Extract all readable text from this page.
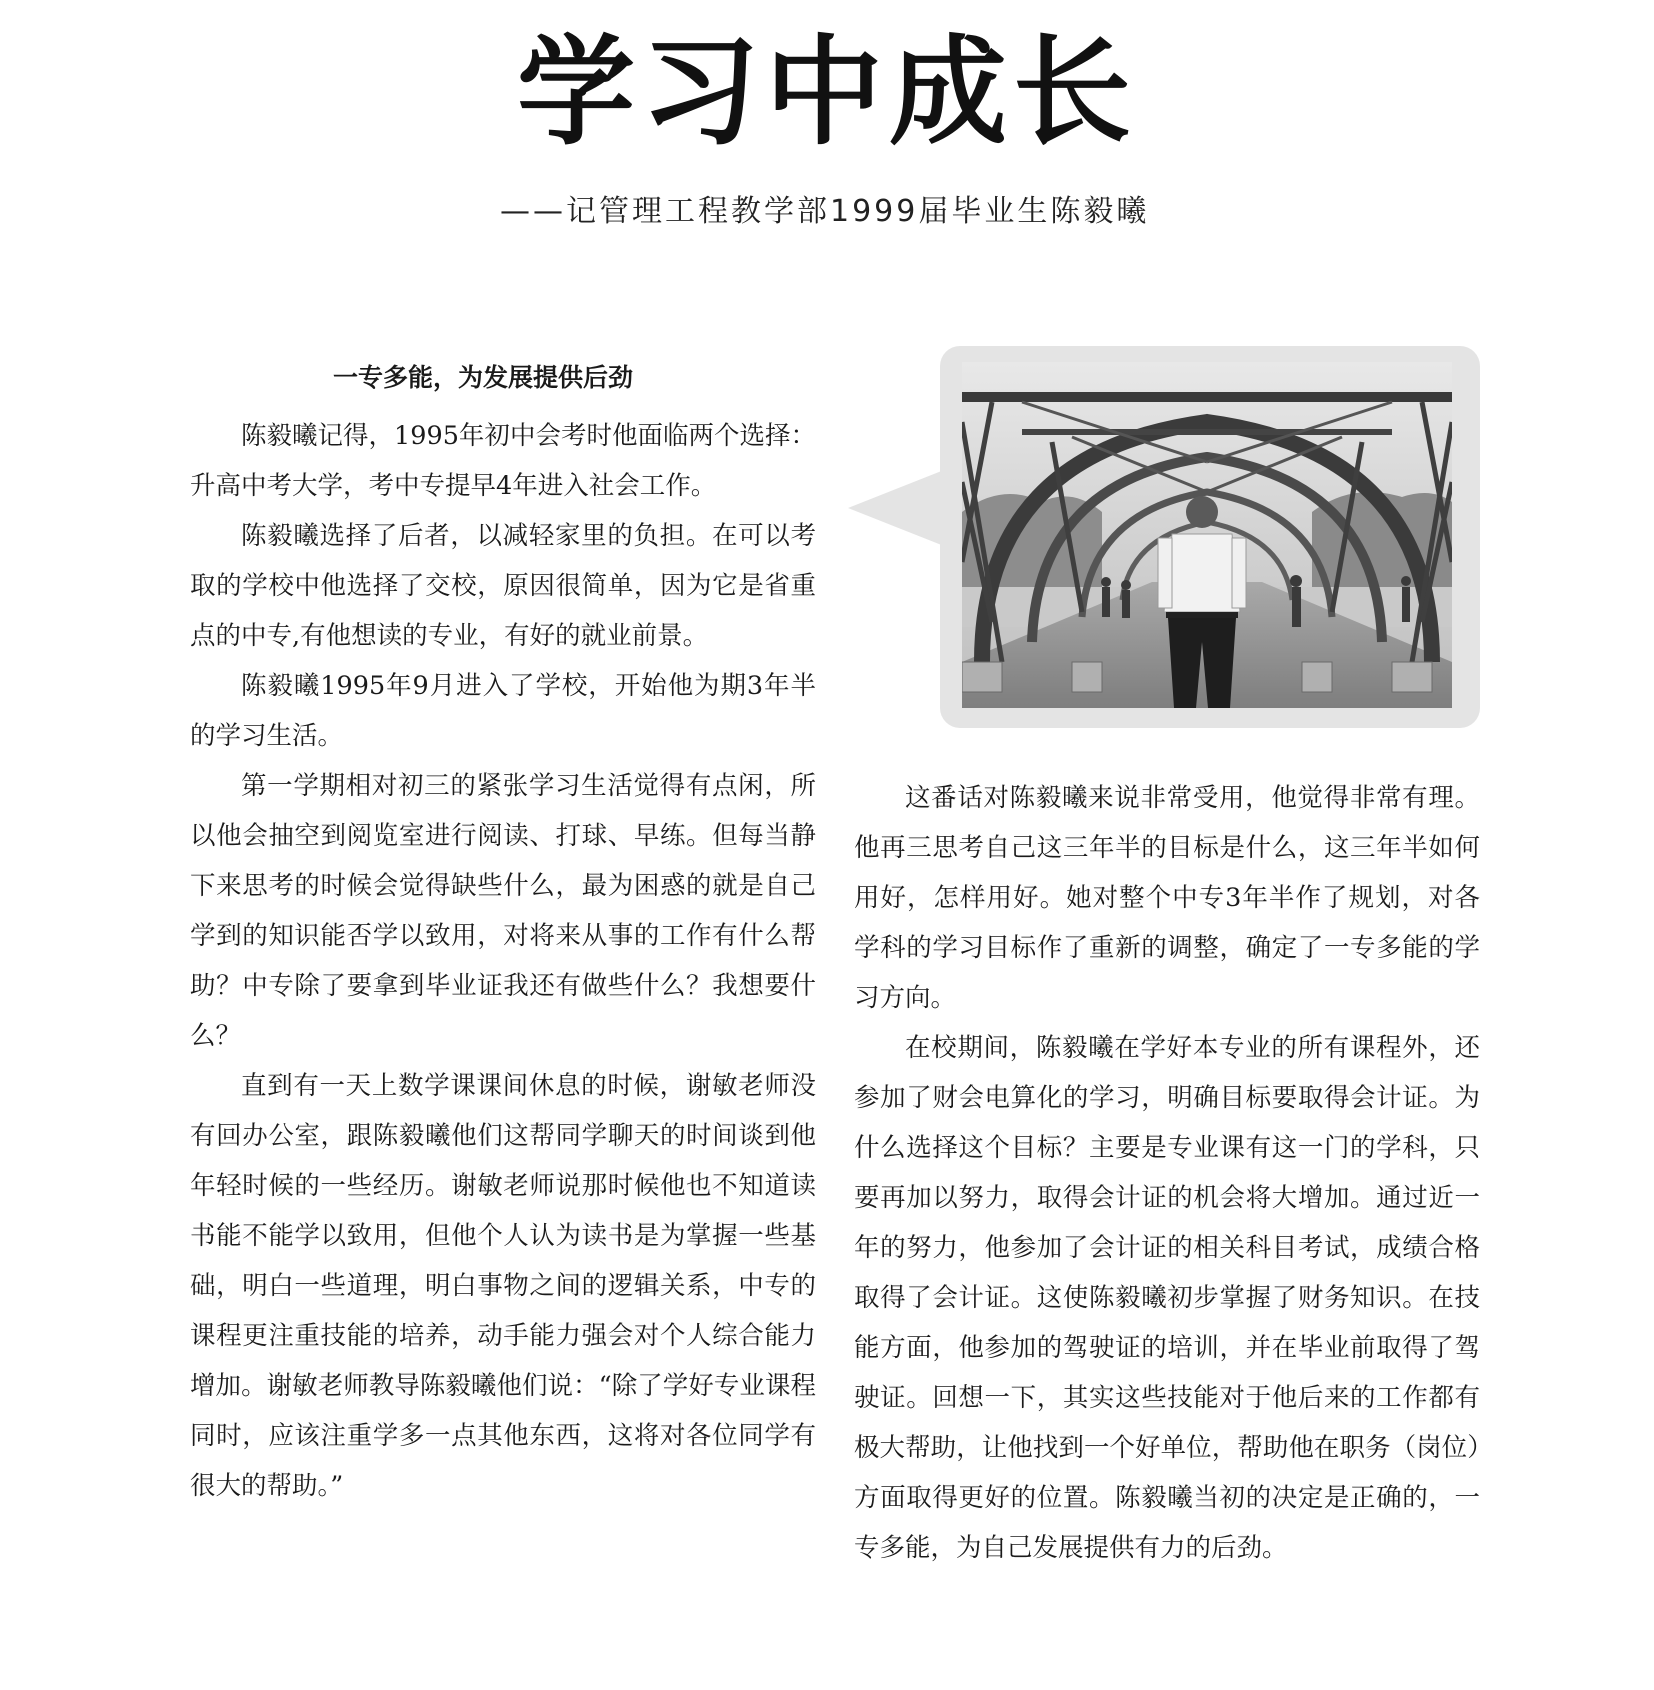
学习中成长
——记管理工程教学部1999届毕业生陈毅曦
一专多能，为发展提供后劲

陈毅曦记得，1995年初中会考时他面临两个选择：升高中考大学，考中专提早4年进入社会工作。

陈毅曦选择了后者，以减轻家里的负担。在可以考取的学校中他选择了交校，原因很简单，因为它是省重点的中专,有他想读的专业，有好的就业前景。

陈毅曦1995年9月进入了学校，开始他为期3年半的学习生活。

第一学期相对初三的紧张学习生活觉得有点闲，所以他会抽空到阅览室进行阅读、打球、早练。但每当静下来思考的时候会觉得缺些什么，最为困惑的就是自己学到的知识能否学以致用，对将来从事的工作有什么帮助？中专除了要拿到毕业证我还有做些什么？我想要什么？

直到有一天上数学课课间休息的时候，谢敏老师没有回办公室，跟陈毅曦他们这帮同学聊天的时间谈到他年轻时候的一些经历。谢敏老师说那时候他也不知道读书能不能学以致用，但他个人认为读书是为掌握一些基础，明白一些道理，明白事物之间的逻辑关系，中专的课程更注重技能的培养，动手能力强会对个人综合能力增加。谢敏老师教导陈毅曦他们说：“除了学好专业课程同时，应该注重学多一点其他东西，这将对各位同学有很大的帮助。”

这番话对陈毅曦来说非常受用，他觉得非常有理。他再三思考自己这三年半的目标是什么，这三年半如何用好，怎样用好。她对整个中专3年半作了规划，对各学科的学习目标作了重新的调整，确定了一专多能的学习方向。

在校期间，陈毅曦在学好本专业的所有课程外，还参加了财会电算化的学习，明确目标要取得会计证。为什么选择这个目标？主要是专业课有这一门的学科，只要再加以努力，取得会计证的机会将大增加。通过近一年的努力，他参加了会计证的相关科目考试，成绩合格取得了会计证。这使陈毅曦初步掌握了财务知识。在技能方面，他参加的驾驶证的培训，并在毕业前取得了驾驶证。回想一下，其实这些技能对于他后来的工作都有极大帮助，让他找到一个好单位，帮助他在职务（岗位）方面取得更好的位置。陈毅曦当初的决定是正确的，一专多能，为自己发展提供有力的后劲。
